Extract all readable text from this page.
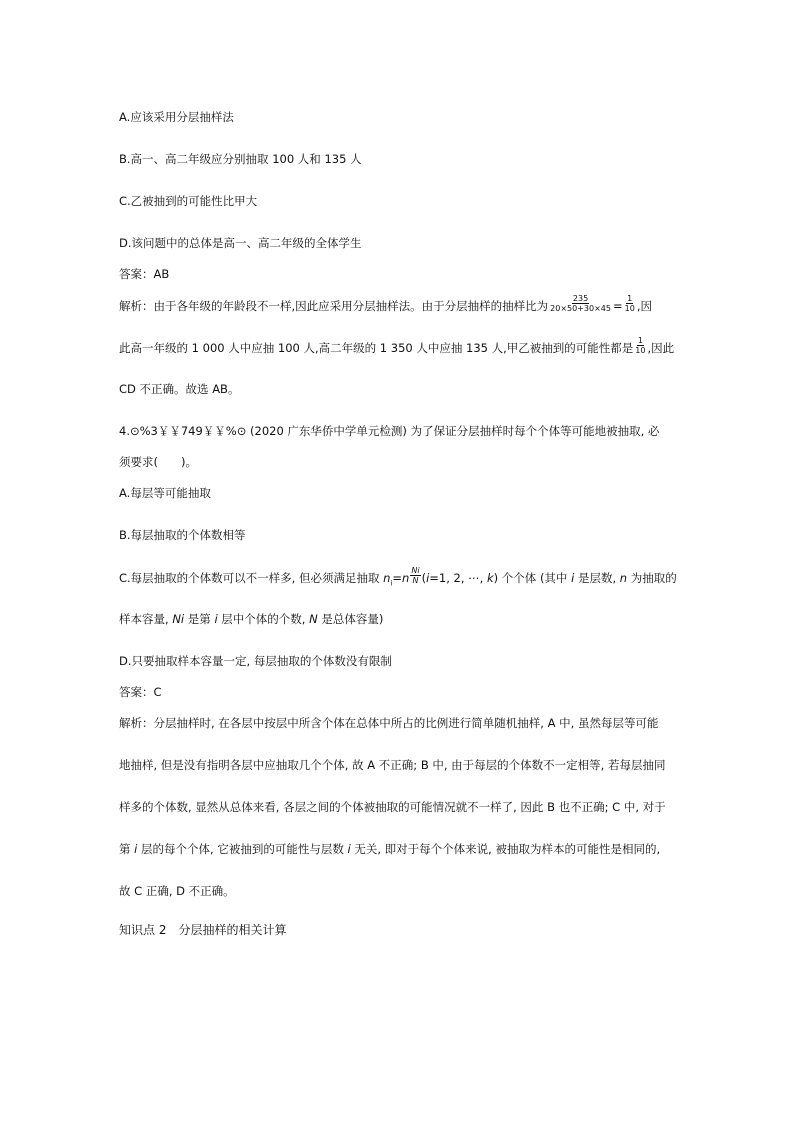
A.应该采用分层抽样法
B.高一、高二年级应分别抽取 100 人和 135 人
C.乙被抽到的可能性比甲大
D.该问题中的总体是高一、高二年级的全体学生
答案：AB
解析：由于各年级的年龄段不一样,因此应采用分层抽样法。由于分层抽样的抽样比为 $\frac{235}{20\times 50+30\times 45} = \frac{1}{10}$ ,因
此高一年级的 1 000 人中应抽 100 人,高二年级的 1 350 人中应抽 135 人,甲乙被抽到的可能性都是 $\frac{1}{10}$ ,因此
CD 不正确。故选 AB。
4.⊙%3￥￥749￥￥%⊙ (2020 广东华侨中学单元检测) 为了保证分层抽样时每个个体等可能地被抽取, 必
须要求(　　)。
A.每层等可能抽取
B.每层抽取的个体数相等
C.每层抽取的个体数可以不一样多, 但必须满足抽取 $n_i=n \frac{Ni}{N} (i=1$, 2, ⋯, k) 个个体 (其中 i 是层数, n 为抽取的
样本容量, Ni 是第 i 层中个体的个数, N 是总体容量)
D.只要抽取样本容量一定, 每层抽取的个体数没有限制
答案：C
解析：分层抽样时, 在各层中按层中所含个体在总体中所占的比例进行简单随机抽样, A 中, 虽然每层等可能
地抽样, 但是没有指明各层中应抽取几个个体, 故 A 不正确; B 中, 由于每层的个体数不一定相等, 若每层抽同
样多的个体数, 显然从总体来看, 各层之间的个体被抽取的可能情况就不一样了, 因此 B 也不正确; C 中, 对于
第 i 层的每个个体, 它被抽到的可能性与层数 i 无关, 即对于每个个体来说, 被抽取为样本的可能性是相同的,
故 C 正确, D 不正确。
知识点 2　分层抽样的相关计算
